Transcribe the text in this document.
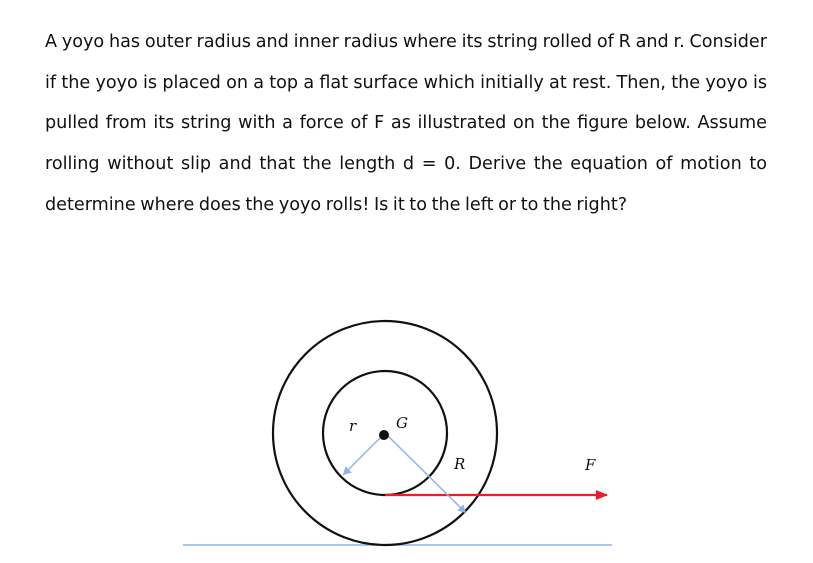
A yoyo has outer radius and inner radius where its string rolled of R and r. Consider if the yoyo is placed on a top a flat surface which initially at rest. Then, the yoyo is pulled from its string with a force of F as illustrated on the figure below. Assume rolling without slip and that the length d = 0. Derive the equation of motion to determine where does the yoyo rolls! Is it to the left or to the right?

r	G
R	F
